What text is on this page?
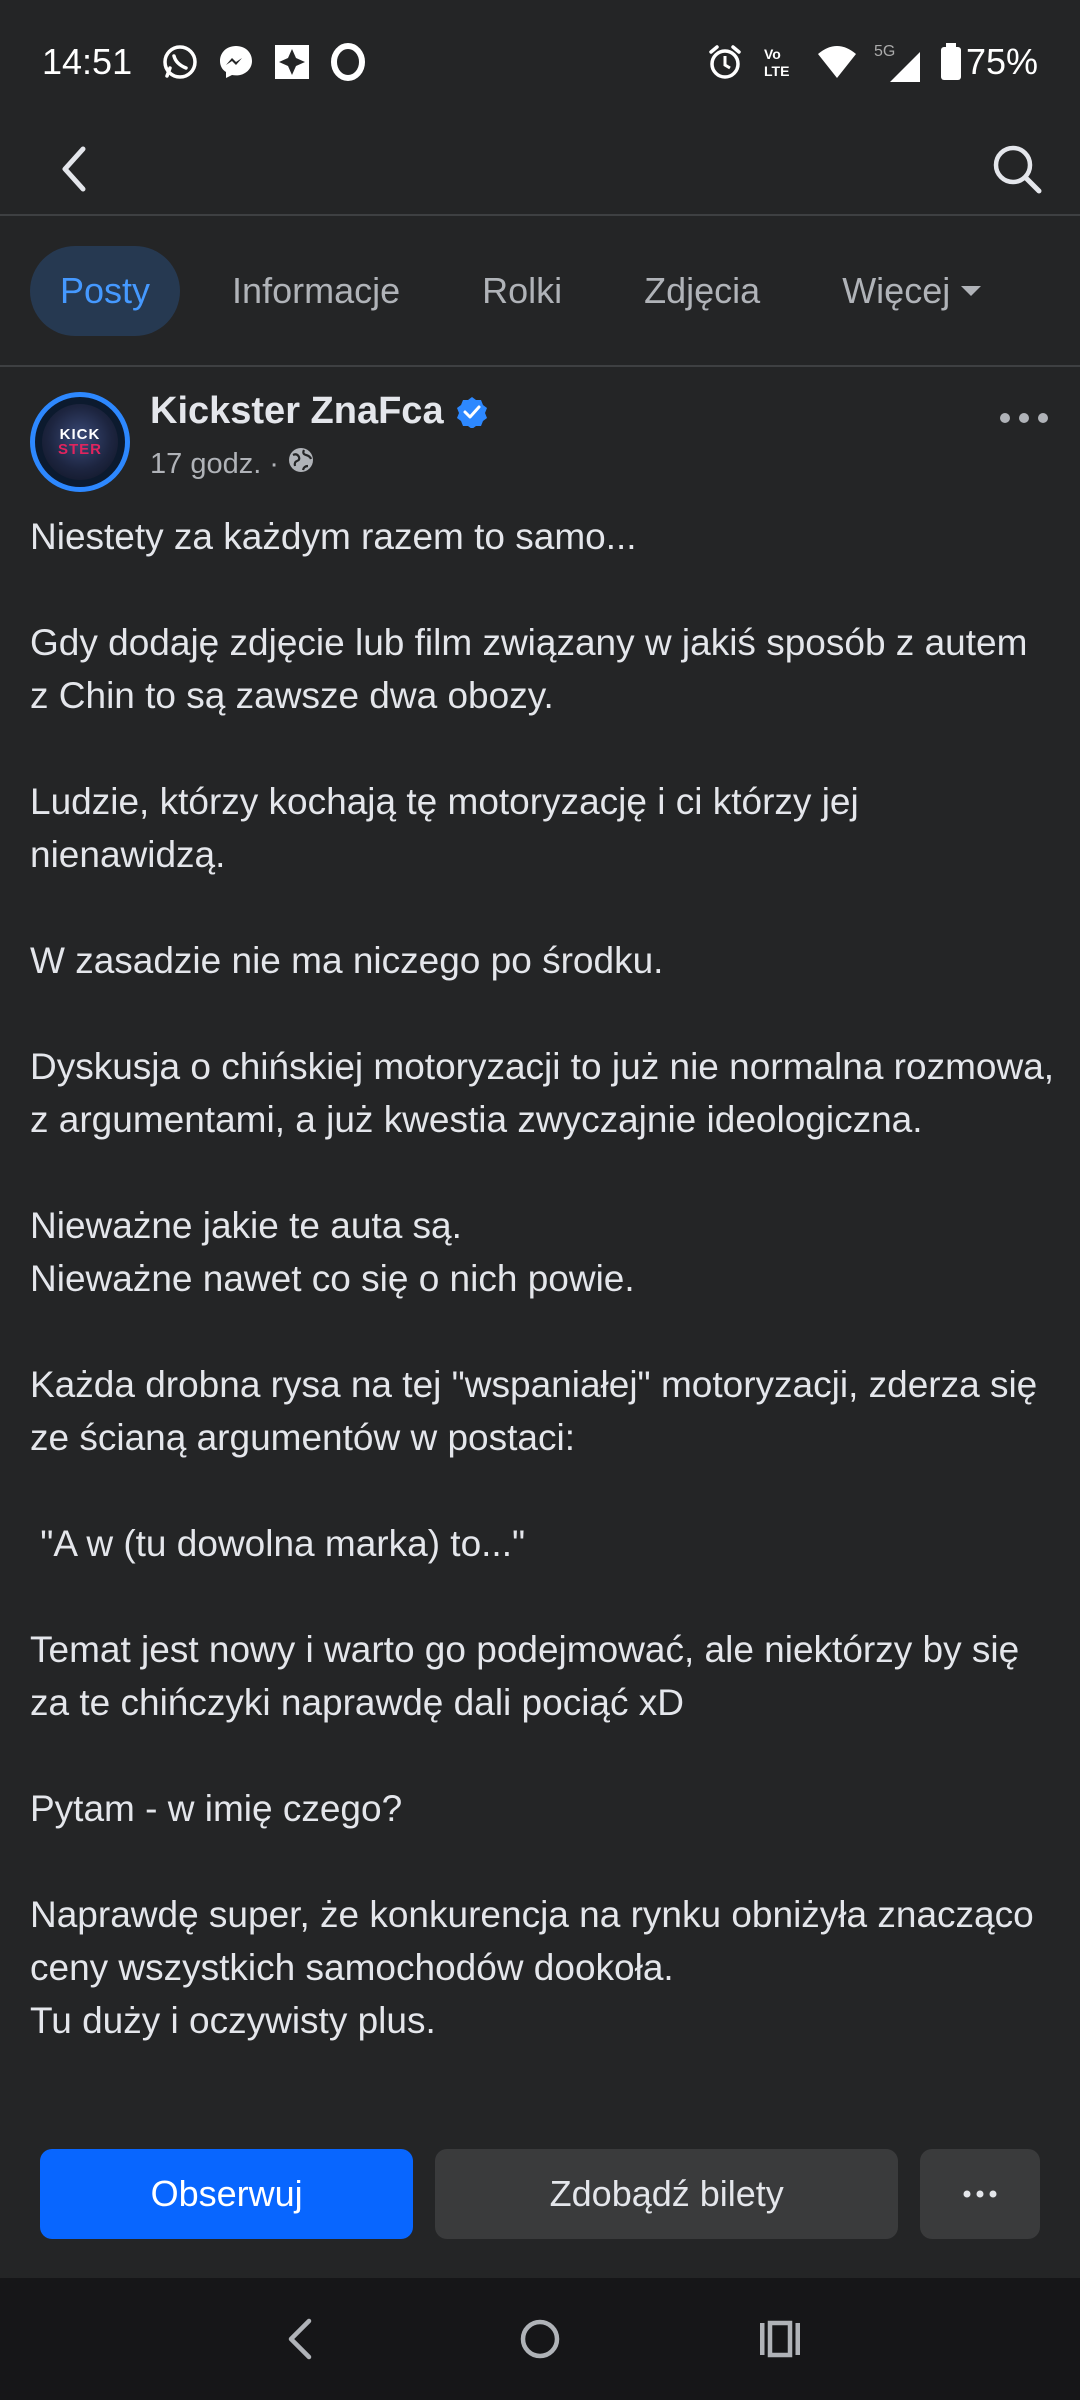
14:51	Vo
LTE
5G 75%
Posty Informacje Rolki Zdjęcia Więcej
KICK
STER
Kickster ZnaFca
17 godz. ·

Niestety za każdym razem to samo...

Gdy dodaję zdjęcie lub film związany w jakiś sposób z autem z Chin to są zawsze dwa obozy.

Ludzie, którzy kochają tę motoryzację i ci którzy jej nienawidzą.

W zasadzie nie ma niczego po środku.

Dyskusja o chińskiej motoryzacji to już nie normalna rozmowa, z argumentami, a już kwestia zwyczajnie ideologiczna.

Nieważne jakie te auta są.

Nieważne nawet co się o nich powie.

Każda drobna rysa na tej "wspaniałej" motoryzacji, zderza się ze ścianą argumentów w postaci:

"A w (tu dowolna marka) to..."

Temat jest nowy i warto go podejmować, ale niektórzy by się za te chińczyki naprawdę dali pociąć xD

Pytam - w imię czego?

Naprawdę super, że konkurencja na rynku obniżyła znacząco ceny wszystkich samochodów dookoła.

Tu duży i oczywisty plus.

Obserwuj	Zdobądź bilety
